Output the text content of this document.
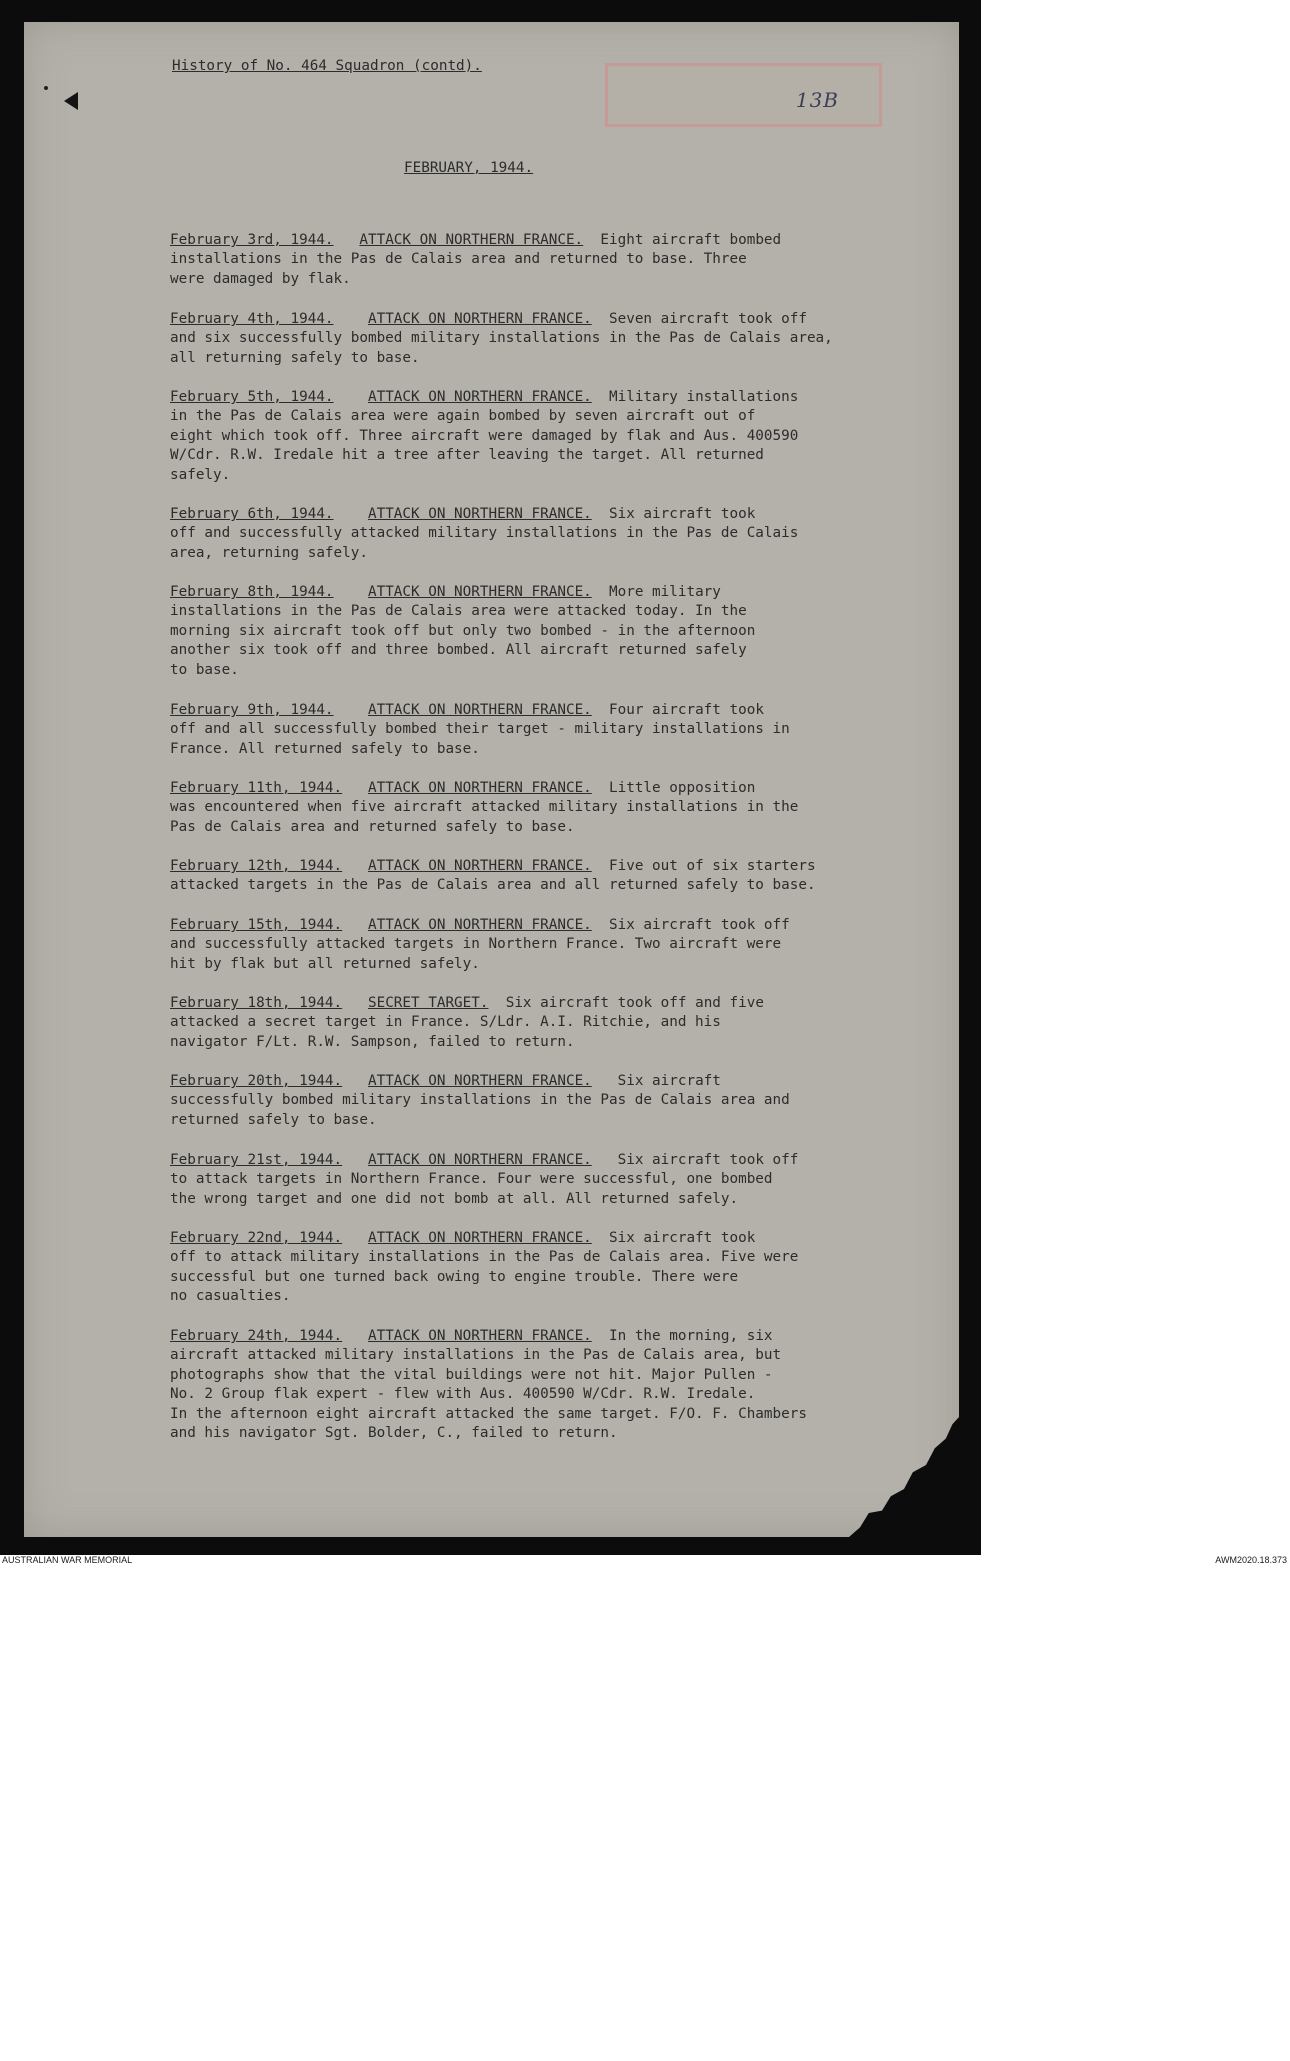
13B
History of No. 464 Squadron (contd).
FEBRUARY, 1944.
February 3rd, 1944. ATTACK ON NORTHERN FRANCE. Eight aircraft bombed
installations in the Pas de Calais area and returned to base. Three
were damaged by flak.
February 4th, 1944. ATTACK ON NORTHERN FRANCE. Seven aircraft took off
and six successfully bombed military installations in the Pas de Calais area,
all returning safely to base.
February 5th, 1944. ATTACK ON NORTHERN FRANCE. Military installations
in the Pas de Calais area were again bombed by seven aircraft out of
eight which took off. Three aircraft were damaged by flak and Aus. 400590
W/Cdr. R.W. Iredale hit a tree after leaving the target. All returned
safely.
February 6th, 1944. ATTACK ON NORTHERN FRANCE. Six aircraft took
off and successfully attacked military installations in the Pas de Calais
area, returning safely.
February 8th, 1944. ATTACK ON NORTHERN FRANCE. More military
installations in the Pas de Calais area were attacked today. In the
morning six aircraft took off but only two bombed - in the afternoon
another six took off and three bombed. All aircraft returned safely
to base.
February 9th, 1944. ATTACK ON NORTHERN FRANCE. Four aircraft took
off and all successfully bombed their target - military installations in
France. All returned safely to base.
February 11th, 1944. ATTACK ON NORTHERN FRANCE. Little opposition
was encountered when five aircraft attacked military installations in the
Pas de Calais area and returned safely to base.
February 12th, 1944. ATTACK ON NORTHERN FRANCE. Five out of six starters
attacked targets in the Pas de Calais area and all returned safely to base.
February 15th, 1944. ATTACK ON NORTHERN FRANCE. Six aircraft took off
and successfully attacked targets in Northern France. Two aircraft were
hit by flak but all returned safely.
February 18th, 1944. SECRET TARGET. Six aircraft took off and five
attacked a secret target in France. S/Ldr. A.I. Ritchie, and his
navigator F/Lt. R.W. Sampson, failed to return.
February 20th, 1944. ATTACK ON NORTHERN FRANCE. Six aircraft
successfully bombed military installations in the Pas de Calais area and
returned safely to base.
February 21st, 1944. ATTACK ON NORTHERN FRANCE. Six aircraft took off
to attack targets in Northern France. Four were successful, one bombed
the wrong target and one did not bomb at all. All returned safely.
February 22nd, 1944. ATTACK ON NORTHERN FRANCE. Six aircraft took
off to attack military installations in the Pas de Calais area. Five were
successful but one turned back owing to engine trouble. There were
no casualties.
February 24th, 1944. ATTACK ON NORTHERN FRANCE. In the morning, six
aircraft attacked military installations in the Pas de Calais area, but
photographs show that the vital buildings were not hit. Major Pullen -
No. 2 Group flak expert - flew with Aus. 400590 W/Cdr. R.W. Iredale.
In the afternoon eight aircraft attacked the same target. F/O. F. Chambers
and his navigator Sgt. Bolder, C., failed to return.
AUSTRALIAN WAR MEMORIAL	AWM2020.18.373
